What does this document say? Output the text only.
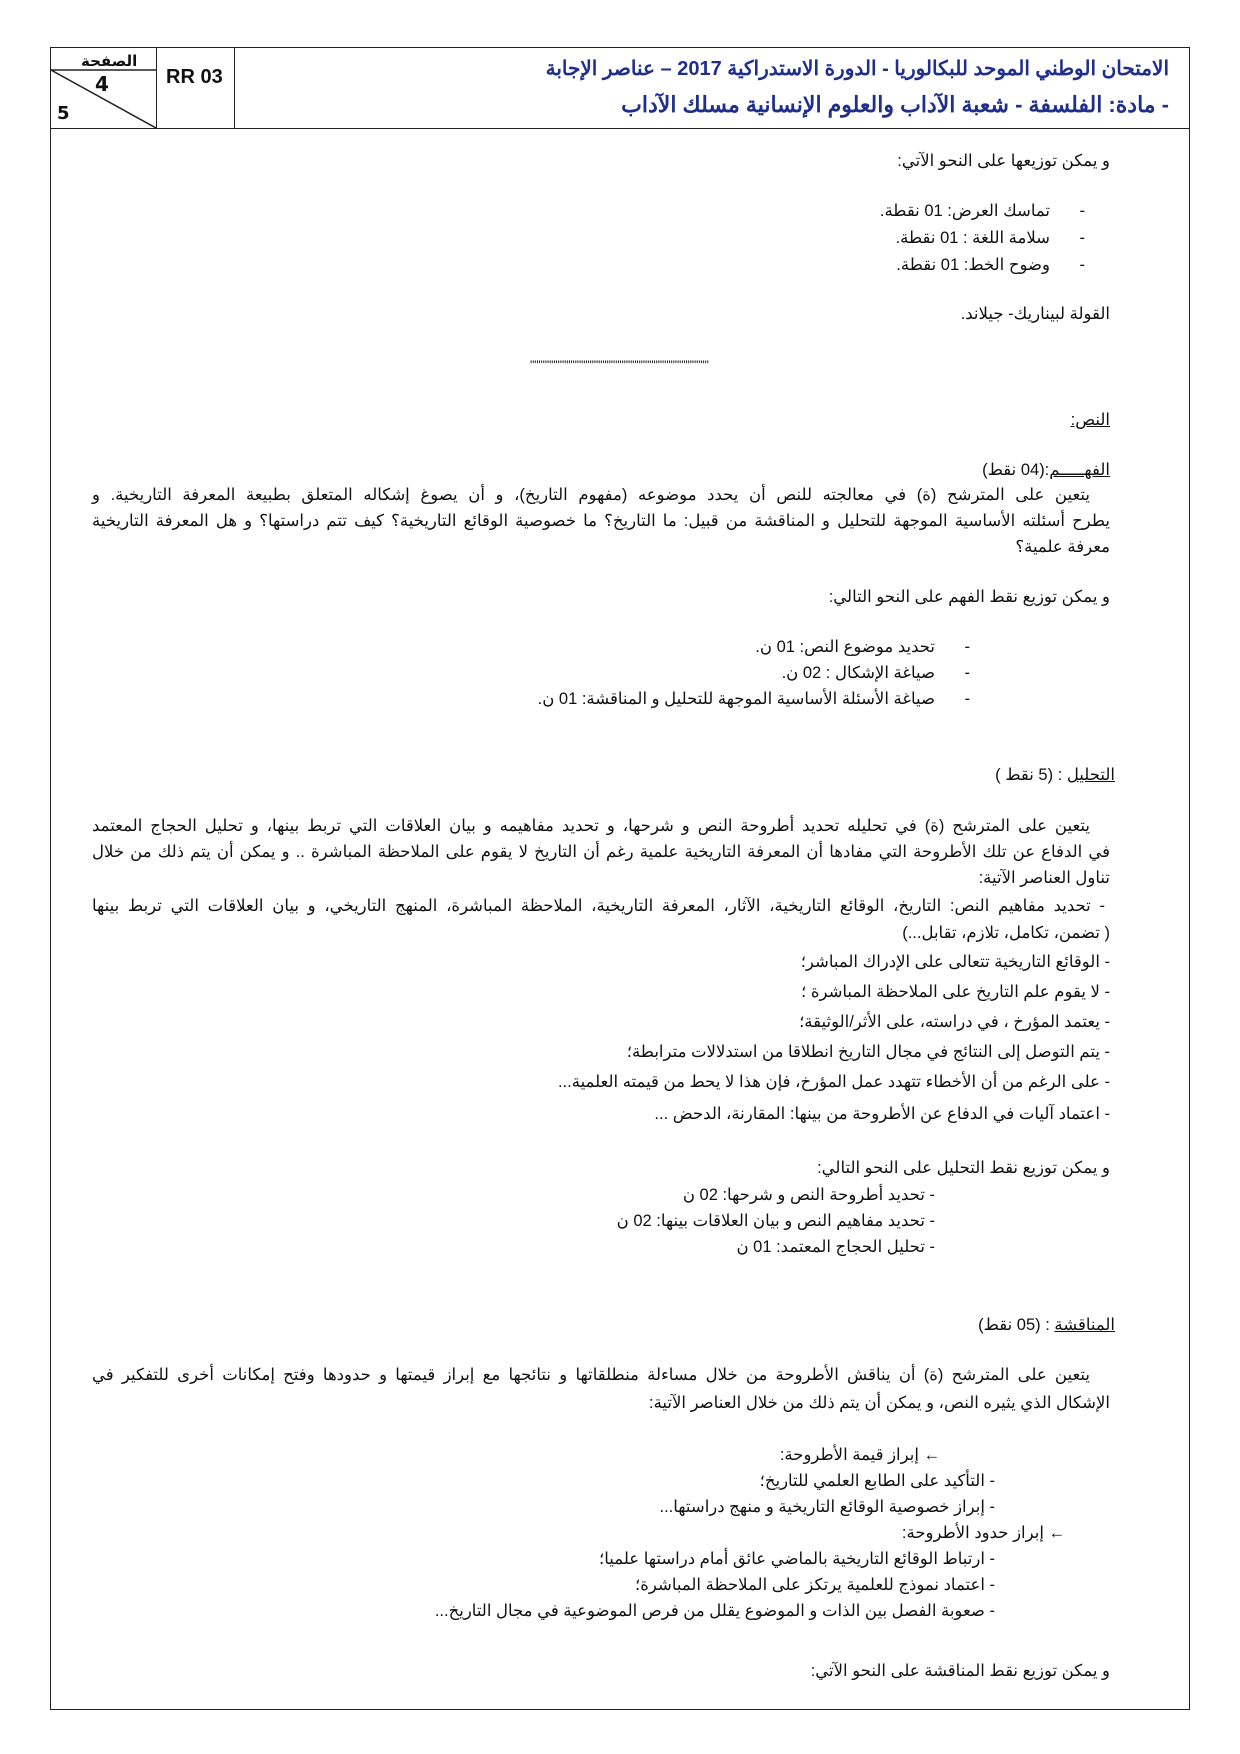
الصفحة
4
5
RR 03	الامتحان الوطني الموحد للبكالوريا - الدورة الاستدراكية 2017 – عناصر الإجابة
- مادة: الفلسفة - شعبة الآداب والعلوم الإنسانية مسلك الآداب
و يمكن توزيعها على النحو الآتي:
-
تماسك العرض: 01 نقطة.
-
سلامة اللغة : 01 نقطة.
-
وضوح الخط: 01 نقطة.
القولة لبيناريك- جيلاند.
""""""""""""""""""""""""""""""""""""""""""
النص:
الفهـــــم:(04 نقط)
يتعين على المترشح (ة) في معالجته للنص أن يحدد موضوعه (مفهوم التاريخ)، و أن يصوغ إشكاله المتعلق بطبيعة المعرفة التاريخية. و
يطرح أسئلته الأساسية الموجهة للتحليل و المناقشة من قبيل: ما التاريخ؟ ما خصوصية الوقائع التاريخية؟ كيف تتم دراستها؟ و هل المعرفة التاريخية
معرفة علمية؟
و يمكن توزيع نقط الفهم على النحو التالي:
-
تحديد موضوع النص: 01 ن.
-
صياغة الإشكال : 02 ن.
-
صياغة الأسئلة الأساسية الموجهة للتحليل و المناقشة: 01 ن.
التحليل : (5 نقط )
يتعين على المترشح (ة) في تحليله تحديد أطروحة النص و شرحها، و تحديد مفاهيمه و بيان العلاقات التي تربط بينها، و تحليل الحجاج المعتمد
في الدفاع عن تلك الأطروحة التي مفادها أن المعرفة التاريخية علمية رغم أن التاريخ لا يقوم على الملاحظة المباشرة .. و يمكن أن يتم ذلك من خلال
تناول العناصر الآتية:
- تحديد مفاهيم النص: التاريخ، الوقائع التاريخية، الآثار، المعرفة التاريخية، الملاحظة المباشرة، المنهج التاريخي، و بيان العلاقات التي تربط بينها
( تضمن، تكامل، تلازم، تقابل...)
- الوقائع التاريخية تتعالى على الإدراك المباشر؛
- لا يقوم علم التاريخ على الملاحظة المباشرة ؛
- يعتمد المؤرخ ، في دراسته، على الأثر/الوثيقة؛
- يتم التوصل إلى النتائج في مجال التاريخ انطلاقا من استدلالات مترابطة؛
- على الرغم من أن الأخطاء تتهدد عمل المؤرخ، فإن هذا لا يحط من قيمته العلمية...
- اعتماد آليات في الدفاع عن الأطروحة من بينها: المقارنة، الدحض ...
و يمكن توزيع نقط التحليل على النحو التالي:
- تحديد أطروحة النص و شرحها: 02 ن
- تحديد مفاهيم النص و بيان العلاقات بينها: 02 ن
- تحليل الحجاج المعتمد: 01 ن
المناقشة : (05 نقط)
يتعين على المترشح (ة) أن يناقش الأطروحة من خلال مساءلة منطلقاتها و نتائجها مع إبراز قيمتها و حدودها وفتح إمكانات أخرى للتفكير في
الإشكال الذي يثيره النص، و يمكن أن يتم ذلك من خلال العناصر الآتية:
← إبراز قيمة الأطروحة:
- التأكيد على الطابع العلمي للتاريخ؛
- إبراز خصوصية الوقائع التاريخية و منهج دراستها...
← إبراز حدود الأطروحة:
- ارتباط الوقائع التاريخية بالماضي عائق أمام دراستها علميا؛
- اعتماد نموذج للعلمية يرتكز على الملاحظة المباشرة؛
- صعوبة الفصل بين الذات و الموضوع يقلل من فرص الموضوعية في مجال التاريخ...
و يمكن توزيع نقط المناقشة على النحو الآتي:
